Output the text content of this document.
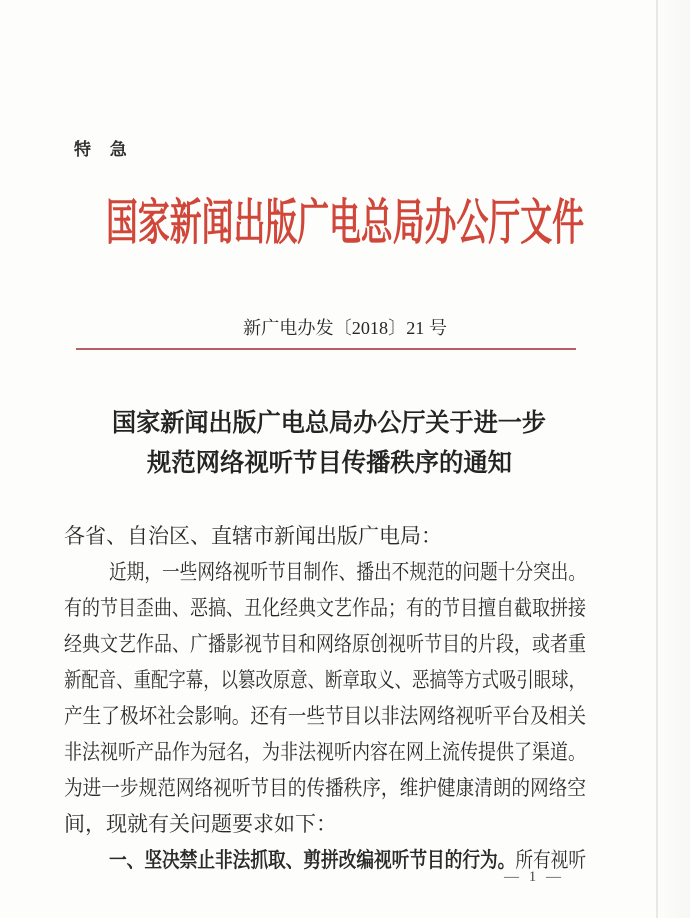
特 急
国家新闻出版广电总局办公厅文件
新广电办发〔2018〕21 号
国家新闻出版广电总局办公厅关于进一步
规范网络视听节目传播秩序的通知
各省、自治区、直辖市新闻出版广电局：
近期，一些网络视听节目制作、播出不规范的问题十分突出。
有的节目歪曲、恶搞、丑化经典文艺作品；有的节目擅自截取拼接
经典文艺作品、广播影视节目和网络原创视听节目的片段，或者重
新配音、重配字幕，以篡改原意、断章取义、恶搞等方式吸引眼球，
产生了极坏社会影响。还有一些节目以非法网络视听平台及相关
非法视听产品作为冠名，为非法视听内容在网上流传提供了渠道。
为进一步规范网络视听节目的传播秩序，维护健康清朗的网络空
间，现就有关问题要求如下：
一、坚决禁止非法抓取、剪拼改编视听节目的行为。所有视听
— 1 —
